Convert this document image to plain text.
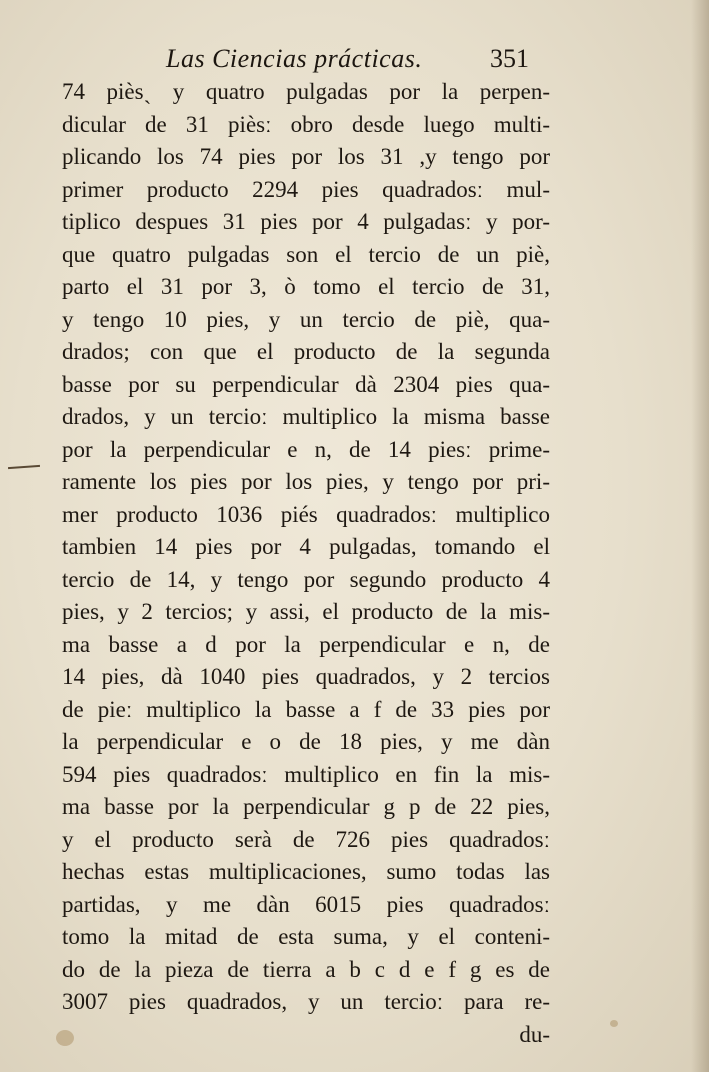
Las Ciencias prácticas.	351
74 pièsˏ y quatro pulgadas por la perpen-
dicular de 31 pièsː obro desde luego multi-
plicando los 74 pies por los 31 ,y tengo por
primer producto 2294 pies quadradosː mul-
tiplico despues 31 pies por 4 pulgadasː y por-
que quatro pulgadas son el tercio de un piè,
parto el 31 por 3, ò tomo el tercio de 31,
y tengo 10 pies, y un tercio de piè, qua-
drados; con que el producto de la segunda
basse por su perpendicular dà 2304 pies qua-
drados, y un tercioː multiplico la misma basse
por la perpendicular e n, de 14 piesː prime-
ramente los pies por los pies, y tengo por pri-
mer producto 1036 piés quadradosː multiplico
tambien 14 pies por 4 pulgadas, tomando el
tercio de 14, y tengo por segundo producto 4
pies, y 2 tercios; y assi, el producto de la mis-
ma basse a d por la perpendicular e n, de
14 pies, dà 1040 pies quadrados, y 2 tercios
de pieː multiplico la basse a f de 33 pies por
la perpendicular e o de 18 pies, y me dàn
594 pies quadradosː multiplico en fin la mis-
ma basse por la perpendicular g p de 22 pies,
y el producto serà de 726 pies quadradosː
hechas estas multiplicaciones, sumo todas las
partidas, y me dàn 6015 pies quadradosː
tomo la mitad de esta suma, y el conteni-
do de la pieza de tierra a b c d e f g es de
3007 pies quadrados, y un tercioː para re-
du-
